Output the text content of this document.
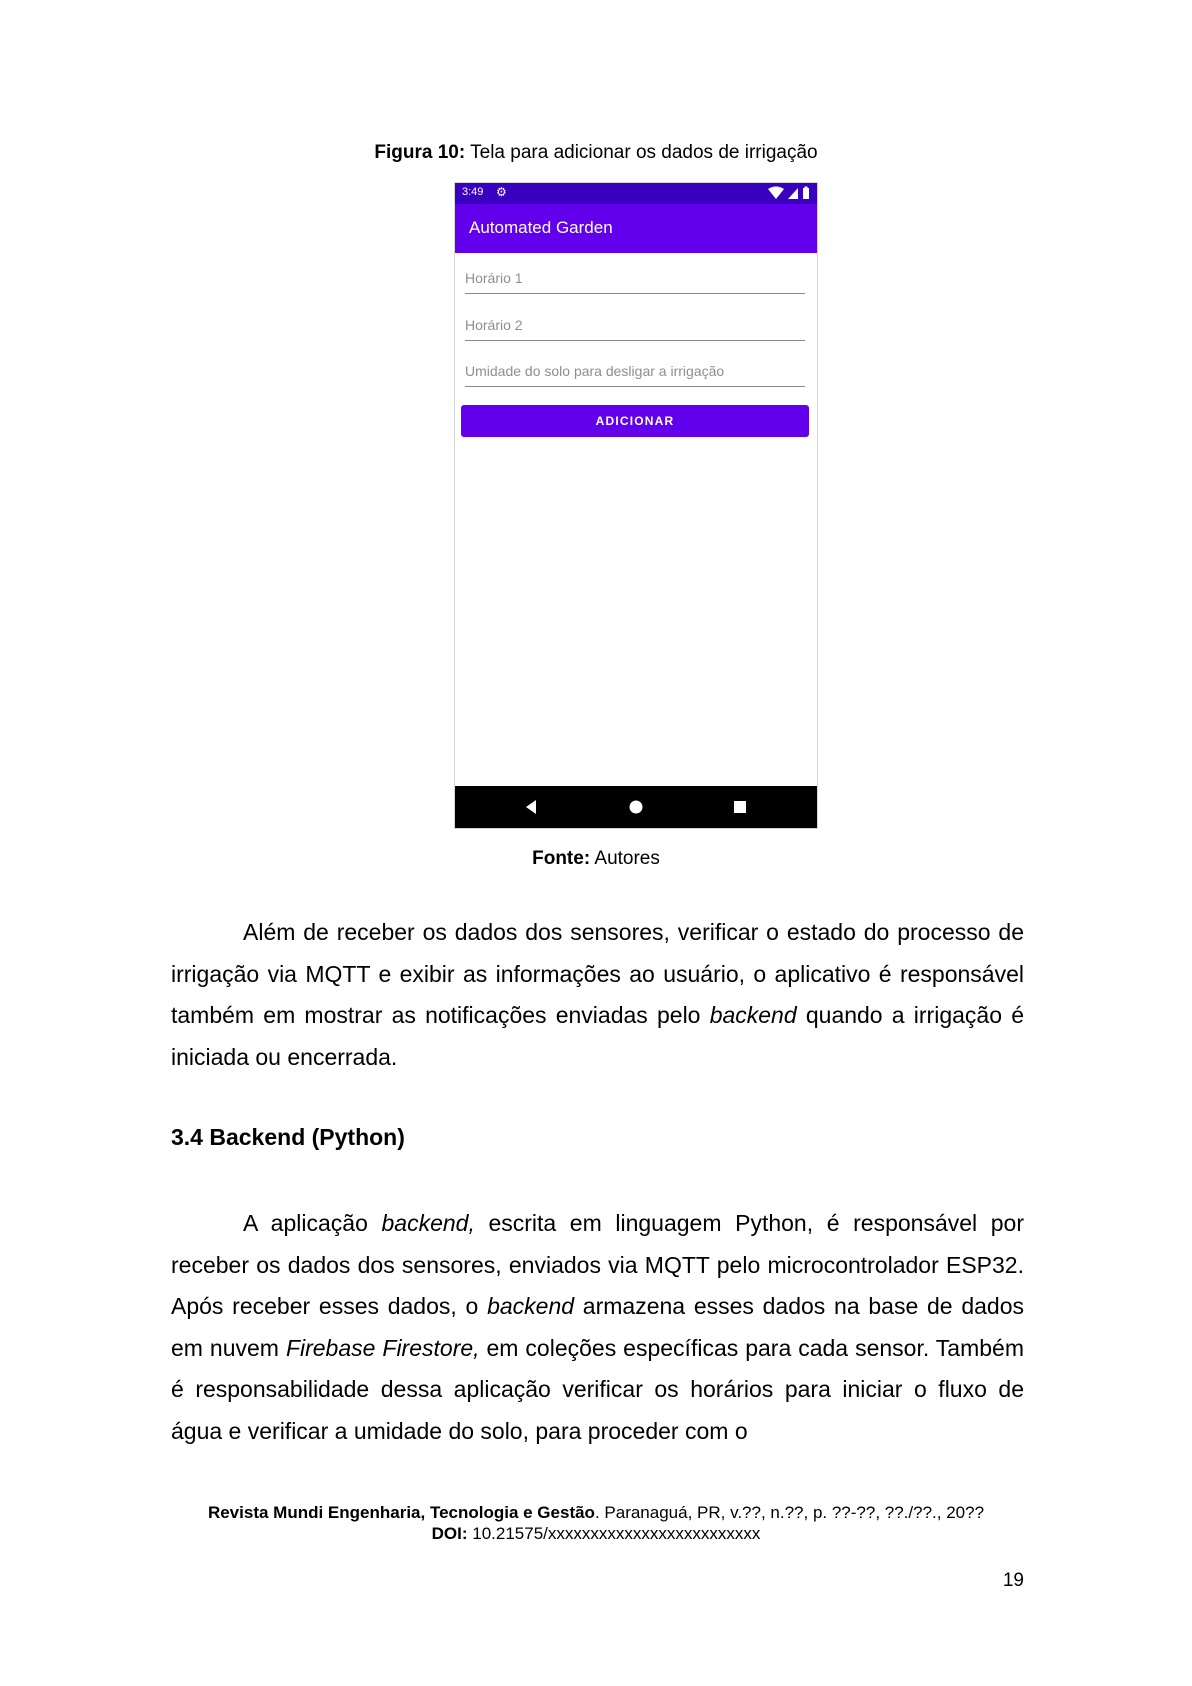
Figura 10: Tela para adicionar os dados de irrigação
3:49 ⚙
Automated Garden
Horário 1
Horário 2
Umidade do solo para desligar a irrigação
ADICIONAR
Fonte: Autores

Além de receber os dados dos sensores, verificar o estado do processo de irrigação via MQTT e exibir as informações ao usuário, o aplicativo é responsável também em mostrar as notificações enviadas pelo backend quando a irrigação é iniciada ou encerrada.

3.4 Backend (Python)

A aplicação backend, escrita em linguagem Python, é responsável por receber os dados dos sensores, enviados via MQTT pelo microcontrolador ESP32. Após receber esses dados, o backend armazena esses dados na base de dados em nuvem Firebase Firestore, em coleções específicas para cada sensor. Também é responsabilidade dessa aplicação verificar os horários para iniciar o fluxo de água e verificar a umidade do solo, para proceder com o

Revista Mundi Engenharia, Tecnologia e Gestão. Paranaguá, PR, v.??, n.??, p. ??-??, ??./??., 20??
DOI: 10.21575/xxxxxxxxxxxxxxxxxxxxxxxxx
19
